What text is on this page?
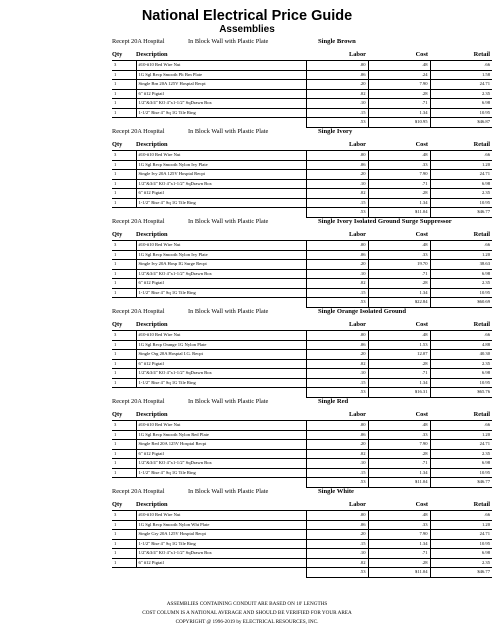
National Electrical Price Guide
Assemblies
Recept 20A Hospital	In Block Wall with Plastic Plate	Single Brown
Qty	Description	Labor	Cost	Retail
3	#10-#10 Red Wire Nut	.00	.48	.66
1	1G Sgl Recp Smooth Plt Brn Plate	.06	.24	1.58
1	Single Brn 20A 125V Hosptal Recpt	.20	7.90	24.71
1	6" #12 Pigtail	.02	.28	2.35
1	1/2"&3/4" KO 4"x1-1/2" SqDrawn Box	.10	.71	6.98
1	1-1/2" Rise 4" Sq 1G Tile Ring	.15	1.34	10.95
		.53	$10.95	$46.87
Recept 20A Hospital	In Block Wall with Plastic Plate	Single Ivory
Qty	Description	Labor	Cost	Retail
3	#10-#10 Red Wire Nut	.00	.48	.66
1	1G Sgl Recp Smooth Nylon Ivy Plate	.06	.33	1.20
1	Single Ivy 20A 125V Hosptal Recpt	.20	7.90	24.71
1	1/2"&3/4" KO 4"x1-1/2" SqDrawn Box	.10	.71	6.98
1	6" #12 Pigtail	.02	.28	2.35
1	1-1/2" Rise 4" Sq 1G Tile Ring	.15	1.34	10.95
		.53	$11.04	$46.77
Recept 20A Hospital	In Block Wall with Plastic Plate	Single Ivory Isolated Ground Surge Suppressor
Qty	Description	Labor	Cost	Retail
3	#10-#10 Red Wire Nut	.00	.48	.66
1	1G Sgl Recp Smooth Nylon Ivy Plate	.06	.33	1.20
1	Single Ivy 20A Hosp IG Surge Recpt	.20	19.70	38.63
1	1/2"&3/4" KO 4"x1-1/2" SqDrawn Box	.10	.71	6.98
1	6" #12 Pigtail	.02	.28	2.35
1	1-1/2" Rise 4" Sq 1G Tile Ring	.15	1.34	10.95
		.53	$22.84	$60.69
Recept 20A Hospital	In Block Wall with Plastic Plate	Single Orange Isolated Ground
Qty	Description	Labor	Cost	Retail
3	#10-#10 Red Wire Nut	.00	.48	.66
1	1G Sgl Recp Orange 1G Nylon Plate	.06	1.53	4.88
1	Single Org 20A Hosptal I.G. Recpt	.20	12.07	40.30
1	6" #12 Pigtail	.02	.28	2.35
1	1/2"&3/4" KO 4"x1-1/2" SqDrawn Box	.10	.71	6.98
1	1-1/2" Rise 4" Sq 1G Tile Ring	.15	1.34	10.95
		.53	$16.31	$65.76
Recept 20A Hospital	In Block Wall with Plastic Plate	Single Red
Qty	Description	Labor	Cost	Retail
3	#10-#10 Red Wire Nut	.00	.48	.66
1	1G Sgl Recp Smooth Nylon Red Plate	.06	.33	1.20
1	Single Red 20A 125V Hosptal Recpt	.20	7.90	24.71
1	6" #12 Pigtail	.02	.28	2.35
1	1/2"&3/4" KO 4"x1-1/2" SqDrawn Box	.10	.71	6.98
1	1-1/2" Rise 4" Sq 1G Tile Ring	.15	1.34	10.95
		.53	$11.04	$46.77
Recept 20A Hospital	In Block Wall with Plastic Plate	Single White
Qty	Description	Labor	Cost	Retail
3	#10-#10 Red Wire Nut	.00	.48	.66
1	1G Sgl Recp Smooth Nylon Wht Plate	.06	.33	1.20
1	Single Gry 20A 125V Hosptal Recpt	.20	7.90	24.71
1	1-1/2" Rise 4" Sq 1G Tile Ring	.15	1.34	10.95
1	1/2"&3/4" KO 4"x1-1/2" SqDrawn Box	.10	.71	6.98
1	6" #12 Pigtail	.02	.28	2.35
		.53	$11.04	$46.77
ASSEMBLIES CONTAINING CONDUIT ARE BASED ON 10' LENGTHS
COST COLUMN IS A NATIONAL AVERAGE AND SHOULD BE VERIFIED FOR YOUR AREA
COPYRIGHT @ 1996-2019 by ELECTRICAL RESOURCES, INC.
